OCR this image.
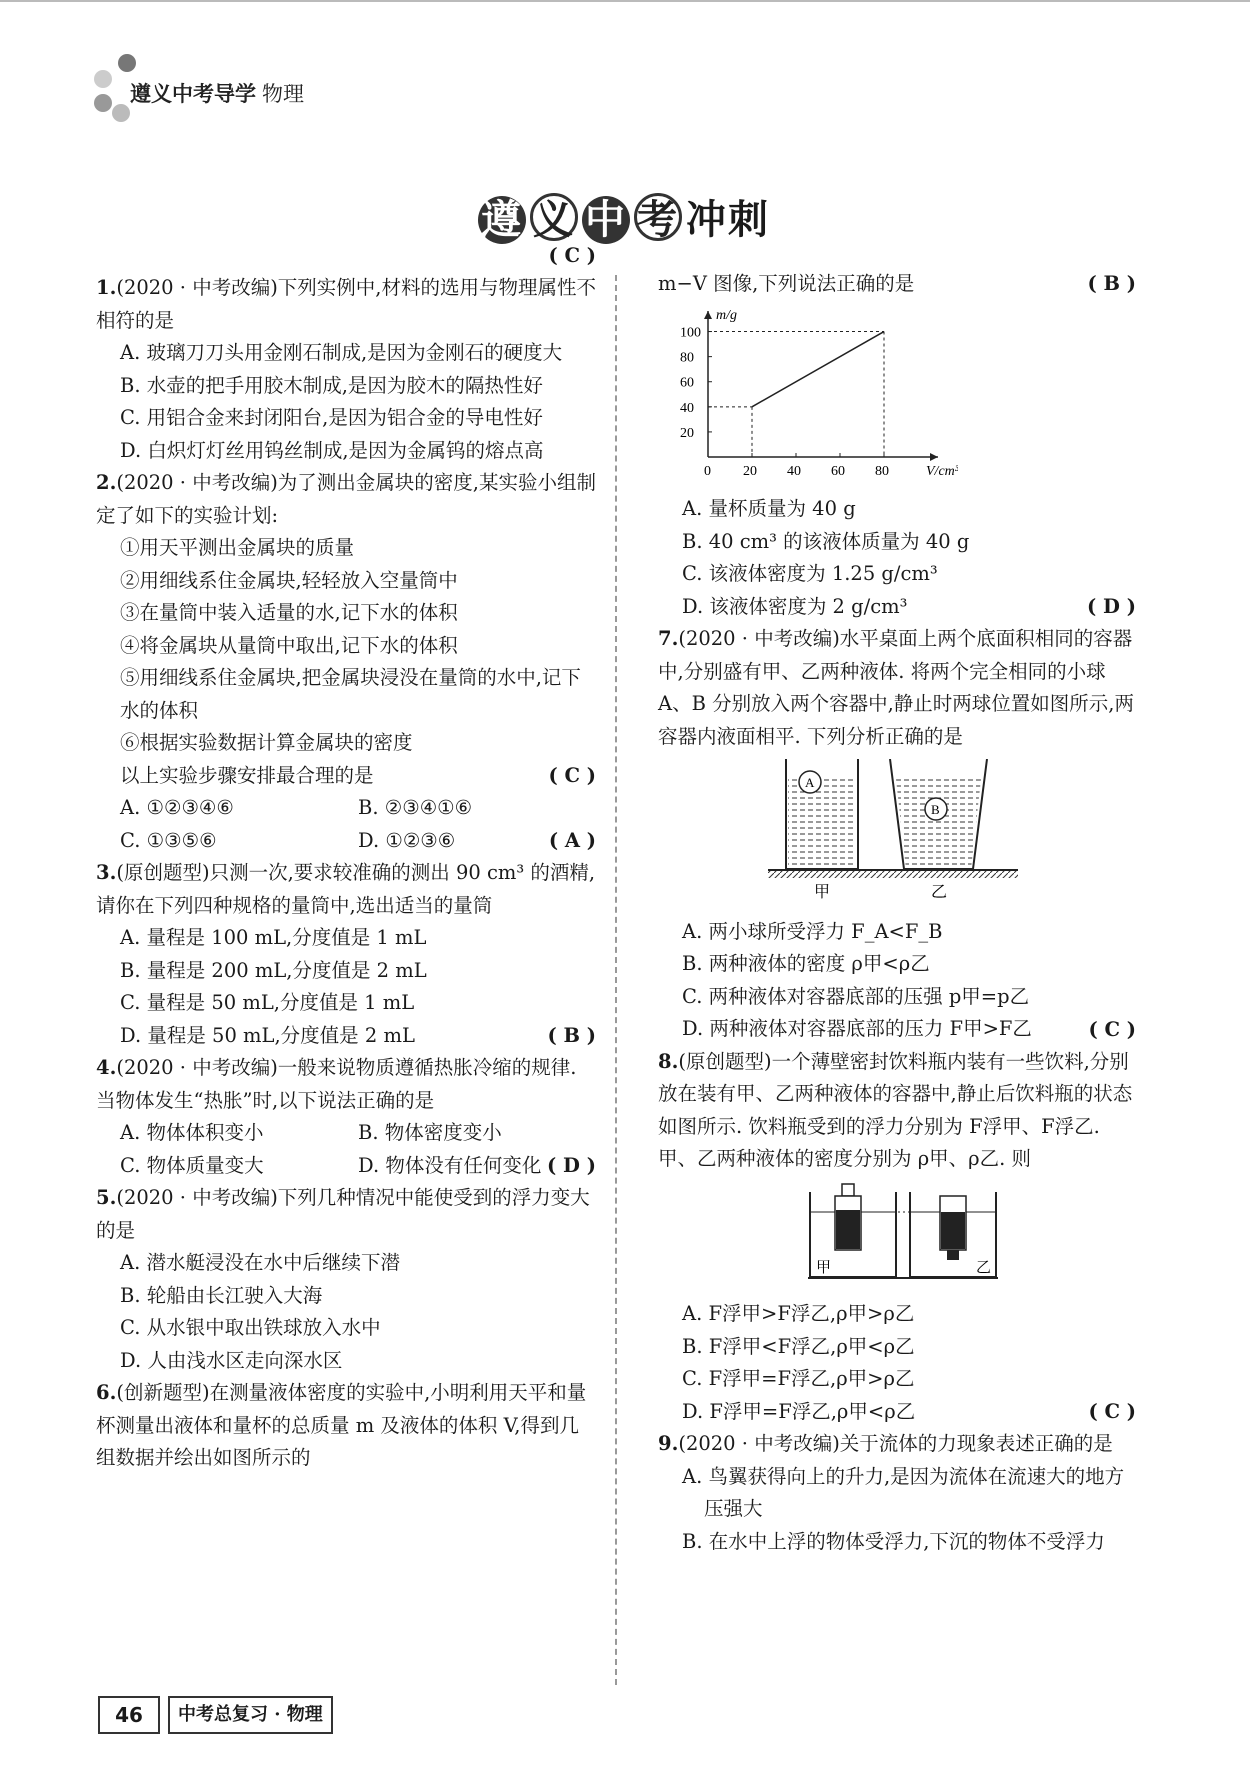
遵义中考导学 物理
遵 义 中 考 冲刺
1.(2020 · 中考改编)下列实例中,材料的选用与物理属性不相符的是
( C )
A. 玻璃刀刀头用金刚石制成,是因为金刚石的硬度大
B. 水壶的把手用胶木制成,是因为胶木的隔热性好
C. 用铝合金来封闭阳台,是因为铝合金的导电性好
D. 白炽灯灯丝用钨丝制成,是因为金属钨的熔点高
2.(2020 · 中考改编)为了测出金属块的密度,某实验小组制定了如下的实验计划:
①用天平测出金属块的质量
②用细线系住金属块,轻轻放入空量筒中
③在量筒中装入适量的水,记下水的体积
④将金属块从量筒中取出,记下水的体积
⑤用细线系住金属块,把金属块浸没在量筒的水中,记下水的体积
⑥根据实验数据计算金属块的密度
以上实验步骤安排最合理的是	( C )
A. ①②③④⑥	B. ②③④①⑥
C. ①③⑤⑥	D. ①②③⑥
3.(原创题型)只测一次,要求较准确的测出 90 cm³ 的酒精,请你在下列四种规格的量筒中,选出适当的量筒
( A )
A. 量程是 100 mL,分度值是 1 mL
B. 量程是 200 mL,分度值是 2 mL
C. 量程是 50 mL,分度值是 1 mL
D. 量程是 50 mL,分度值是 2 mL
4.(2020 · 中考改编)一般来说物质遵循热胀冷缩的规律. 当物体发生“热胀”时,以下说法正确的是
( B )
A. 物体体积变小	B. 物体密度变小
C. 物体质量变大	D. 物体没有任何变化
5.(2020 · 中考改编)下列几种情况中能使受到的浮力变大的是
( D )
A. 潜水艇浸没在水中后继续下潜
B. 轮船由长江驶入大海
C. 从水银中取出铁球放入水中
D. 人由浅水区走向深水区
6.(创新题型)在测量液体密度的实验中,小明利用天平和量杯测量出液体和量杯的总质量 m 及液体的体积 V,得到几组数据并绘出如图所示的
m−V 图像,下列说法正确的是	( B )
m/g
V/cm³
0 20 40 60 80
20
40
60
80
100
A. 量杯质量为 40 g
B. 40 cm³ 的该液体质量为 40 g
C. 该液体密度为 1.25 g/cm³
D. 该液体密度为 2 g/cm³
7.(2020 · 中考改编)水平桌面上两个底面积相同的容器中,分别盛有甲、乙两种液体. 将两个完全相同的小球 A、B 分别放入两个容器中,静止时两球位置如图所示,两容器内液面相平. 下列分析正确的是
( D )
A
B
甲	乙
A. 两小球所受浮力 F_A<F_B
B. 两种液体的密度 ρ甲<ρ乙
C. 两种液体对容器底部的压强 p甲=p乙
D. 两种液体对容器底部的压力 F甲>F乙
8.(原创题型)一个薄壁密封饮料瓶内装有一些饮料,分别放在装有甲、乙两种液体的容器中,静止后饮料瓶的状态如图所示. 饮料瓶受到的浮力分别为 F浮甲、F浮乙. 甲、乙两种液体的密度分别为 ρ甲、ρ乙. 则
( C )
甲	乙
A. F浮甲>F浮乙,ρ甲>ρ乙
B. F浮甲<F浮乙,ρ甲<ρ乙
C. F浮甲=F浮乙,ρ甲>ρ乙
D. F浮甲=F浮乙,ρ甲<ρ乙
9.(2020 · 中考改编)关于流体的力现象表述正确的是
( C )
A. 鸟翼获得向上的升力,是因为流体在流速大的地方压强大
B. 在水中上浮的物体受浮力,下沉的物体不受浮力
46	中考总复习 · 物理
